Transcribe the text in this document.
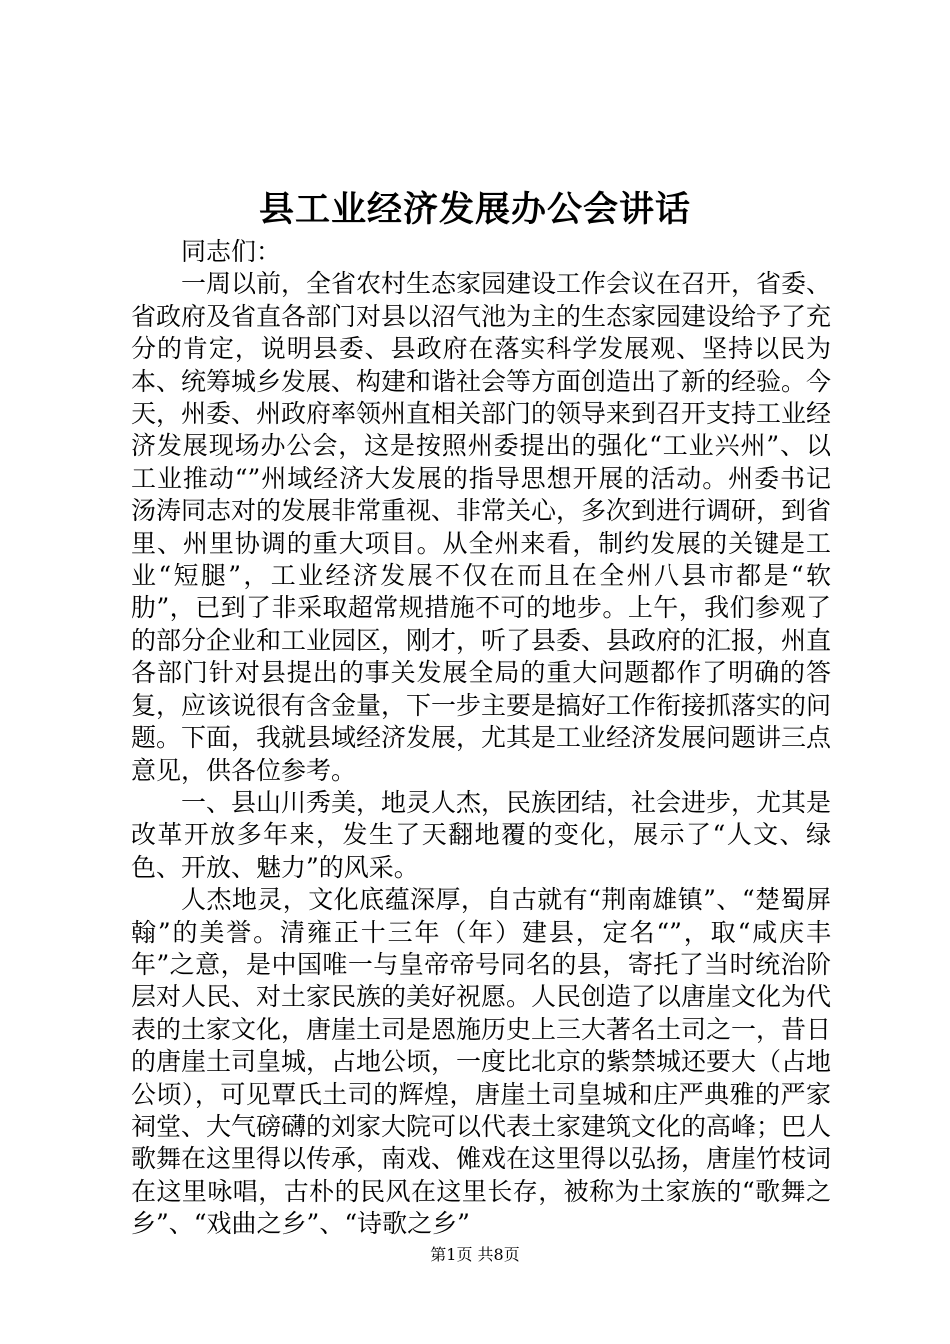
县工业经济发展办公会讲话

同志们：

一周以前，全省农村生态家园建设工作会议在召开，省委、省政府及省直各部门对县以沼气池为主的生态家园建设给予了充分的肯定，说明县委、县政府在落实科学发展观、坚持以民为本、统筹城乡发展、构建和谐社会等方面创造出了新的经验。今天，州委、州政府率领州直相关部门的领导来到召开支持工业经济发展现场办公会，这是按照州委提出的强化“工业兴州”、以工业推动“”州域经济大发展的指导思想开展的活动。州委书记汤涛同志对的发展非常重视、非常关心，多次到进行调研，到省里、州里协调的重大项目。从全州来看，制约发展的关键是工业“短腿”，工业经济发展不仅在而且在全州八县市都是“软肋”，已到了非采取超常规措施不可的地步。上午，我们参观了的部分企业和工业园区，刚才，听了县委、县政府的汇报，州直各部门针对县提出的事关发展全局的重大问题都作了明确的答复，应该说很有含金量，下一步主要是搞好工作衔接抓落实的问题。下面，我就县域经济发展，尤其是工业经济发展问题讲三点意见，供各位参考。

一、县山川秀美，地灵人杰，民族团结，社会进步，尤其是改革开放多年来，发生了天翻地覆的变化，展示了“人文、绿色、开放、魅力”的风采。

人杰地灵，文化底蕴深厚，自古就有“荆南雄镇”、“楚蜀屏翰”的美誉。清雍正十三年（年）建县，定名“”，取“咸庆丰年”之意，是中国唯一与皇帝帝号同名的县，寄托了当时统治阶层对人民、对土家民族的美好祝愿。人民创造了以唐崖文化为代表的土家文化，唐崖土司是恩施历史上三大著名土司之一，昔日的唐崖土司皇城，占地公顷，一度比北京的紫禁城还要大（占地公顷），可见覃氏土司的辉煌，唐崖土司皇城和庄严典雅的严家祠堂、大气磅礴的刘家大院可以代表土家建筑文化的高峰；巴人歌舞在这里得以传承，南戏、傩戏在这里得以弘扬，唐崖竹枝词在这里咏唱，古朴的民风在这里长存，被称为土家族的“歌舞之乡”、“戏曲之乡”、“诗歌之乡”

第1页 共8页
